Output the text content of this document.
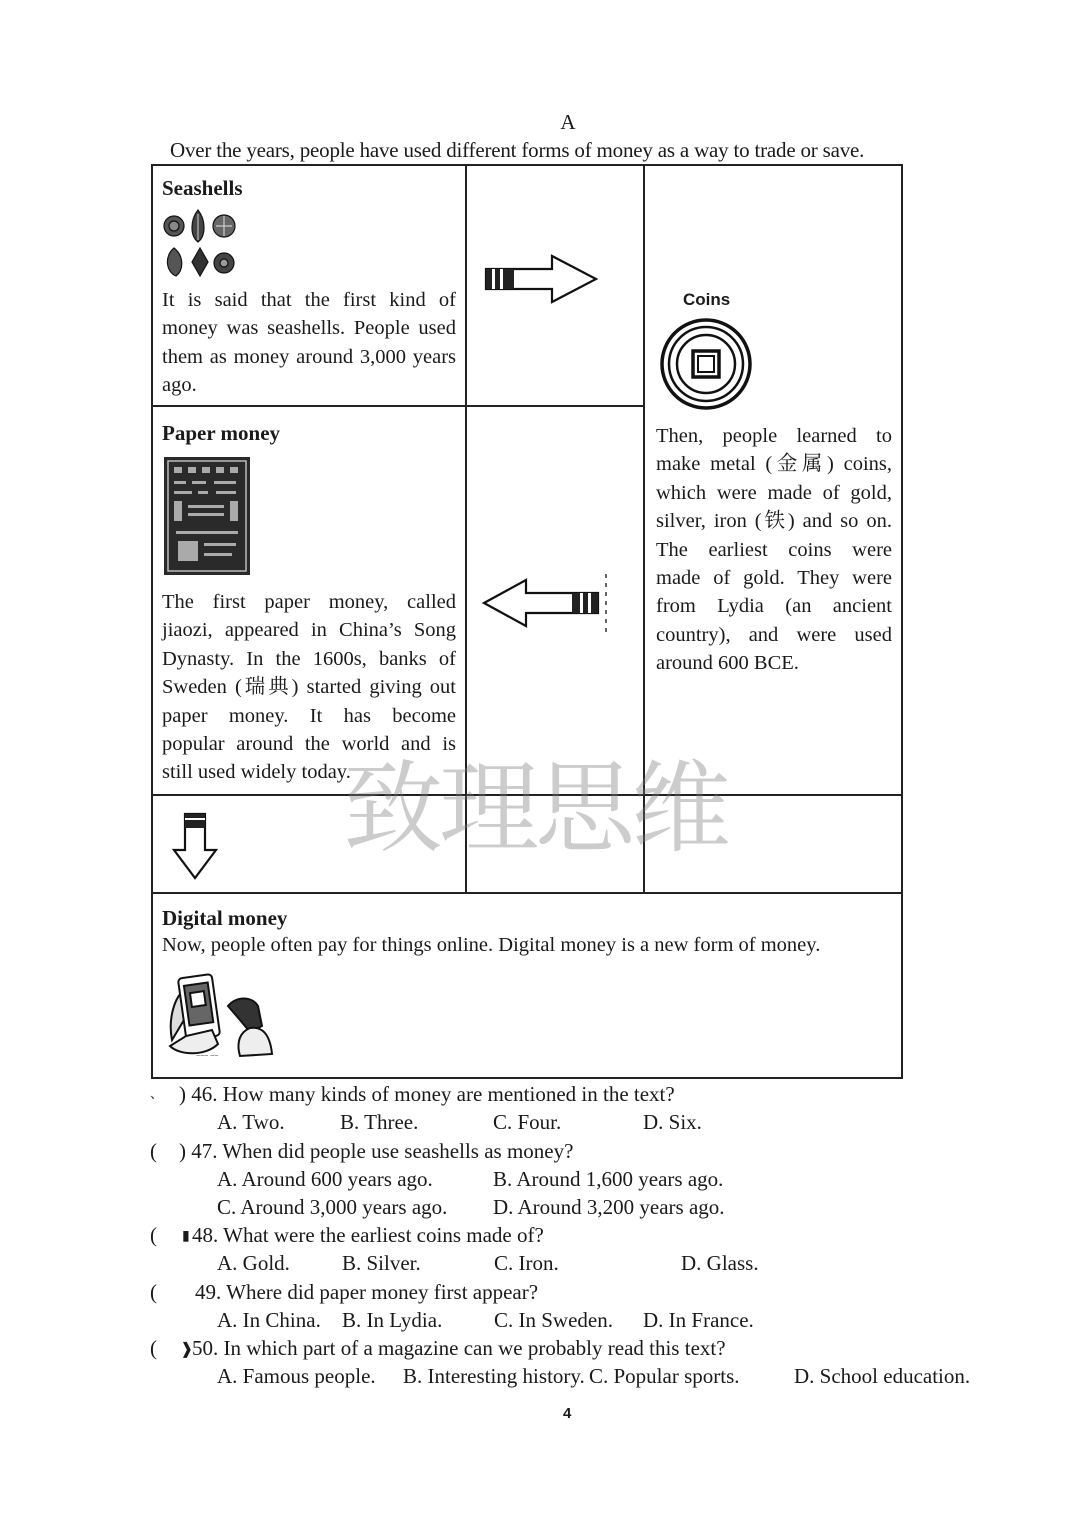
A
Over the years, people have used different forms of money as a way to trade or save.
Seashells
It is said that the first kind of money was seashells. People used them as money around 3,000 years ago.
Coins
Then, people learned to make metal (金属) coins, which were made of gold, silver, iron (铁) and so on. The earliest coins were made of gold. They were from Lydia (an ancient country), and were used around 600 BCE.
Paper money
The first paper money, called jiaozi, appeared in China’s Song Dynasty. In the 1600s, banks of Sweden (瑞典) started giving out paper money. It has become popular around the world and is still used widely today.
Digital money
Now, people often pay for things online. Digital money is a new form of money.
~~~ ~~
致理思维
、 ) 46. How many kinds of money are mentioned in the text?
A. Two.	B. Three.	C. Four.	D. Six.
( ) 47. When did people use seashells as money?
A. Around 600 years ago.	B. Around 1,600 years ago.
C. Around 3,000 years ago. D. Around 3,200 years ago.
( ▮ 48. What were the earliest coins made of?
A. Gold. B. Silver.	C. Iron.	D. Glass.
( 49. Where did paper money first appear?
A. In China. B. In Lydia. C. In Sweden. D. In France.
( ❱
50. In which part of a magazine can we probably read this text?
A. Famous people. B. Interesting history. C. Popular sports.	D. School education.
4
